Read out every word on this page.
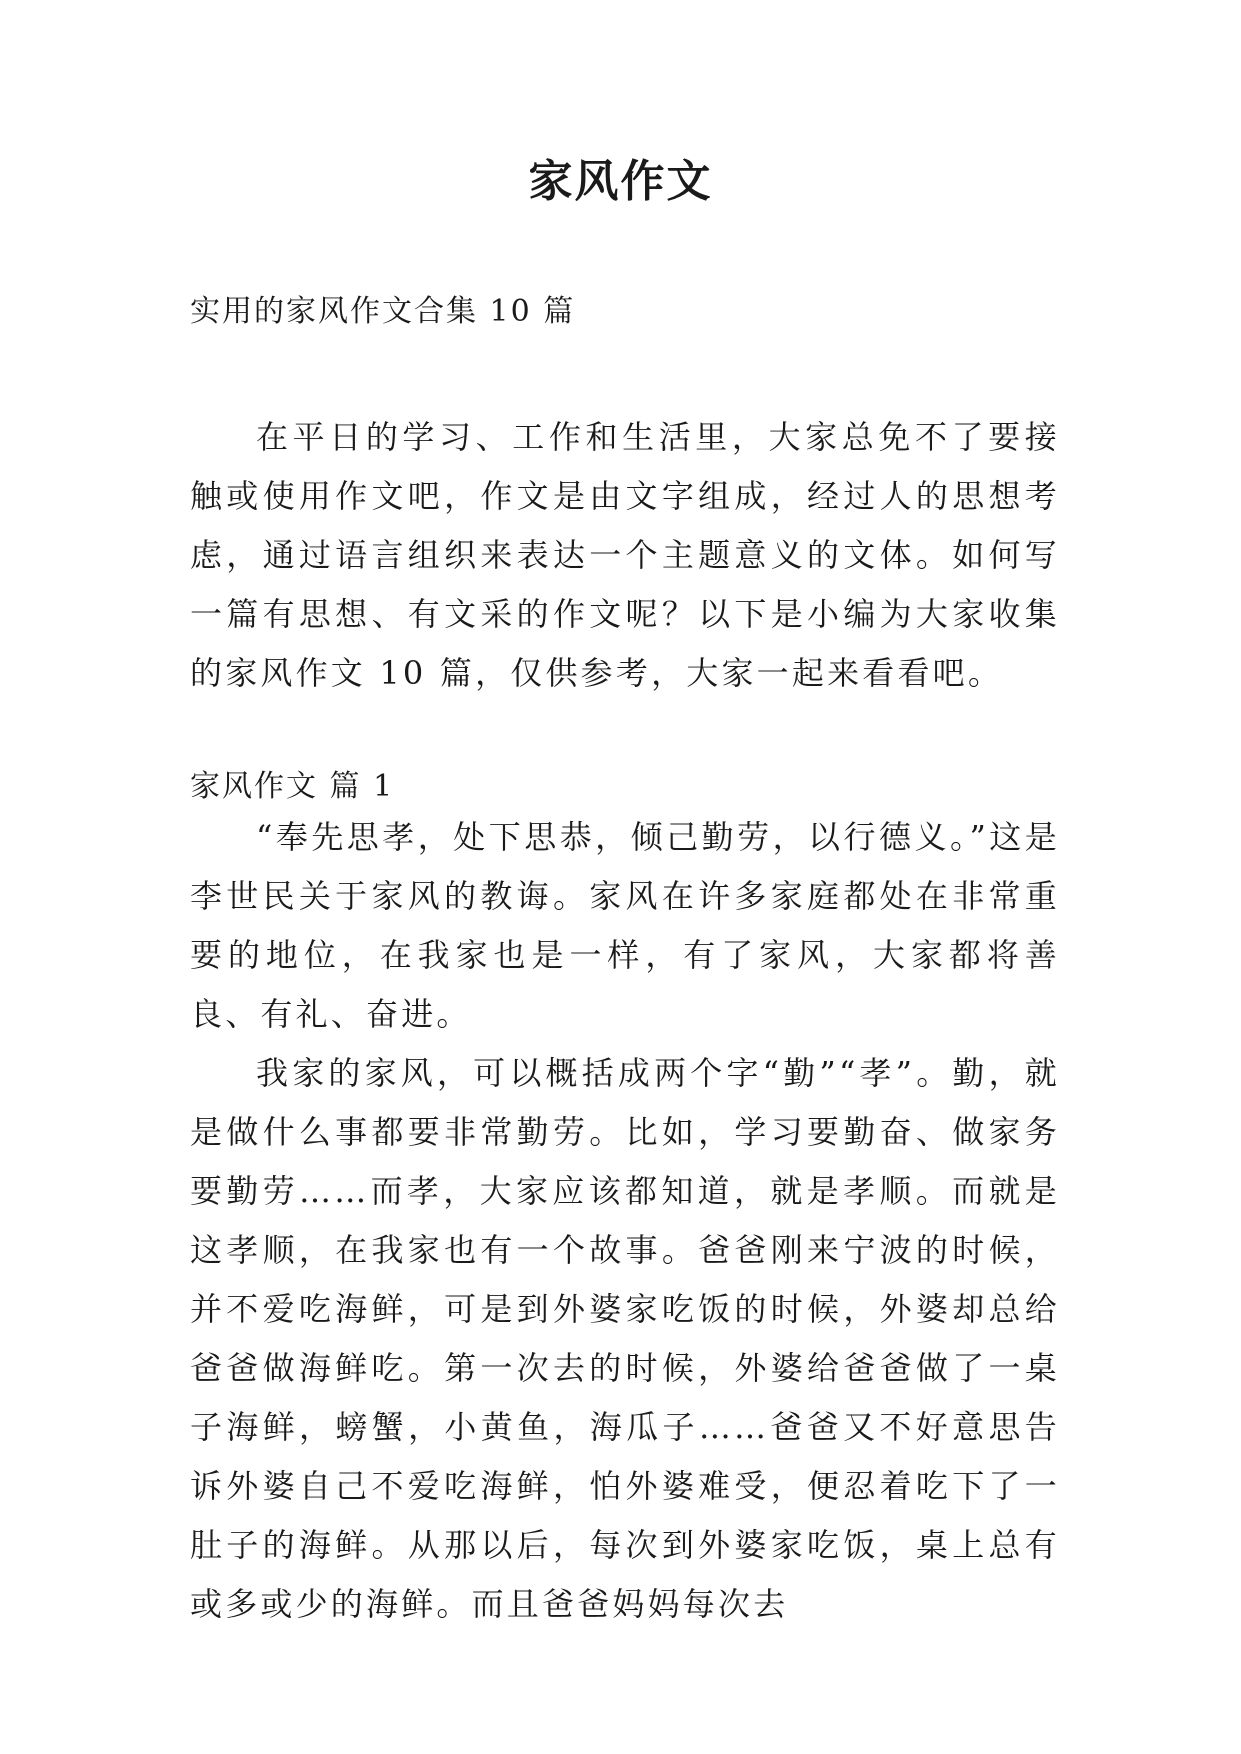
家风作文

实用的家风作文合集 10 篇

在平日的学习、工作和生活里，大家总免不了要接触或使用作文吧，作文是由文字组成，经过人的思想考虑，通过语言组织来表达一个主题意义的文体。如何写一篇有思想、有文采的作文呢？以下是小编为大家收集的家风作文 10 篇，仅供参考，大家一起来看看吧。

家风作文 篇 1

“奉先思孝，处下思恭，倾己勤劳，以行德义。”这是李世民关于家风的教诲。家风在许多家庭都处在非常重要的地位，在我家也是一样，有了家风，大家都将善良、有礼、奋进。

我家的家风，可以概括成两个字“勤”“孝”。勤，就是做什么事都要非常勤劳。比如，学习要勤奋、做家务要勤劳……而孝，大家应该都知道，就是孝顺。而就是这孝顺，在我家也有一个故事。爸爸刚来宁波的时候，并不爱吃海鲜，可是到外婆家吃饭的时候，外婆却总给爸爸做海鲜吃。第一次去的时候，外婆给爸爸做了一桌子海鲜，螃蟹，小黄鱼，海瓜子……爸爸又不好意思告诉外婆自己不爱吃海鲜，怕外婆难受，便忍着吃下了一肚子的海鲜。从那以后，每次到外婆家吃饭，桌上总有或多或少的海鲜。而且爸爸妈妈每次去
